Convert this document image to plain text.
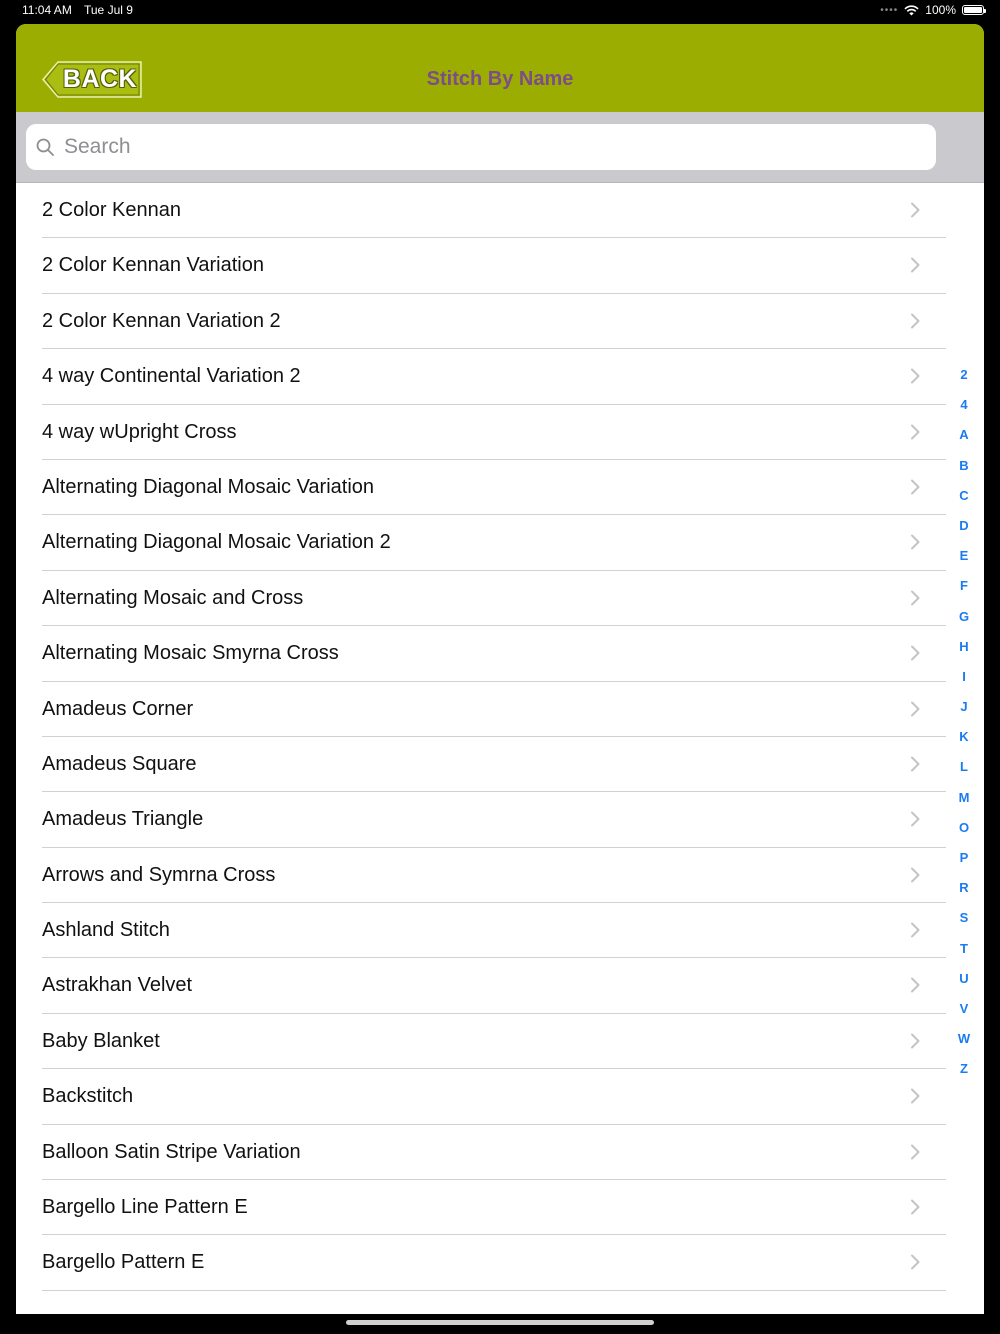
11:04 AM Tue Jul 9	•••• 100%
BACK	Stitch By Name
Search
2 Color Kennan
2 Color Kennan Variation
2 Color Kennan Variation 2
4 way Continental Variation 2
4 way wUpright Cross
Alternating Diagonal Mosaic Variation
Alternating Diagonal Mosaic Variation 2
Alternating Mosaic and Cross
Alternating Mosaic Smyrna Cross
Amadeus Corner
Amadeus Square
Amadeus Triangle
Arrows and Symrna Cross
Ashland Stitch
Astrakhan Velvet
Baby Blanket
Backstitch
Balloon Satin Stripe Variation
Bargello Line Pattern E
Bargello Pattern E
2
4
A
B
C
D
E
F
G
H
I
J
K
L
M
O
P
R
S
T
U
V
W
Z
